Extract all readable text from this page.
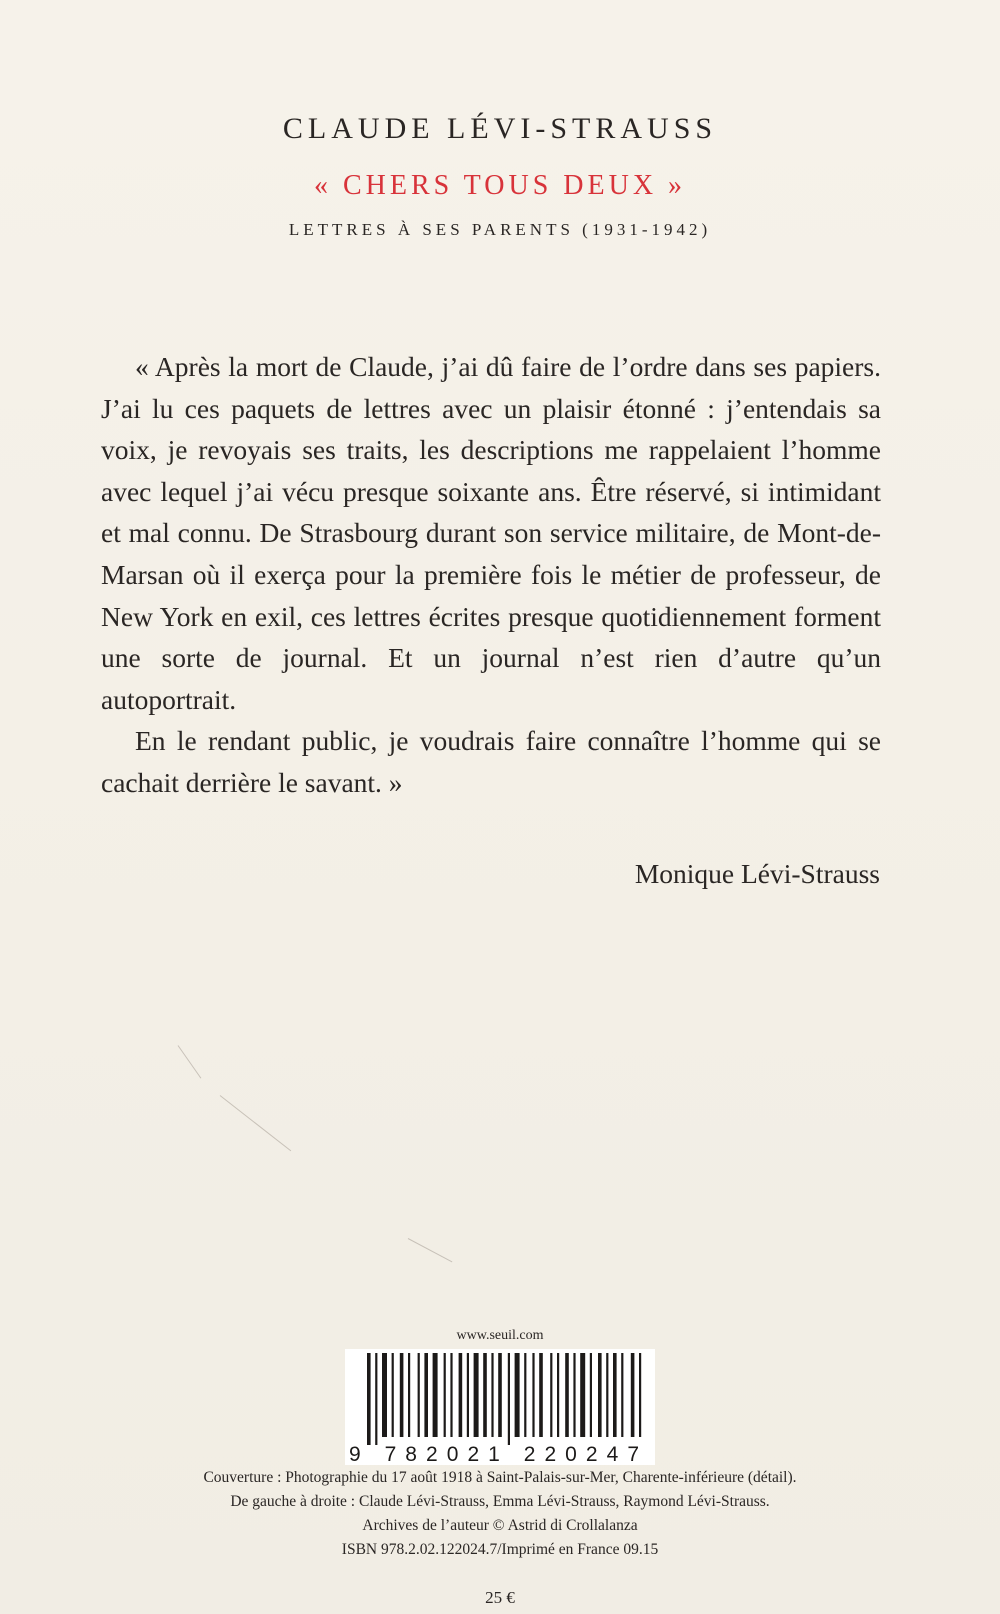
CLAUDE LÉVI-STRAUSS
« CHERS TOUS DEUX »
LETTRES À SES PARENTS (1931-1942)

« Après la mort de Claude, j’ai dû faire de l’ordre dans ses papiers. J’ai lu ces paquets de lettres avec un plaisir étonné : j’entendais sa voix, je revoyais ses traits, les descriptions me rappelaient l’homme avec lequel j’ai vécu presque soixante ans. Être réservé, si intimidant et mal connu. De Strasbourg durant son service militaire, de Mont-de-Marsan où il exerça pour la première fois le métier de professeur, de New York en exil, ces lettres écrites presque quotidiennement forment une sorte de journal. Et un journal n’est rien d’autre qu’un autoportrait.

En le rendant public, je voudrais faire connaître l’homme qui se cachait derrière le savant. »

Monique Lévi-Strauss
www.seuil.com
9 782021 220247
Couverture : Photographie du 17 août 1918 à Saint-Palais-sur-Mer, Charente-inférieure (détail).
De gauche à droite : Claude Lévi-Strauss, Emma Lévi-Strauss, Raymond Lévi-Strauss.
Archives de l’auteur © Astrid di Crollalanza
ISBN 978.2.02.122024.7/Imprimé en France 09.15
25 €
